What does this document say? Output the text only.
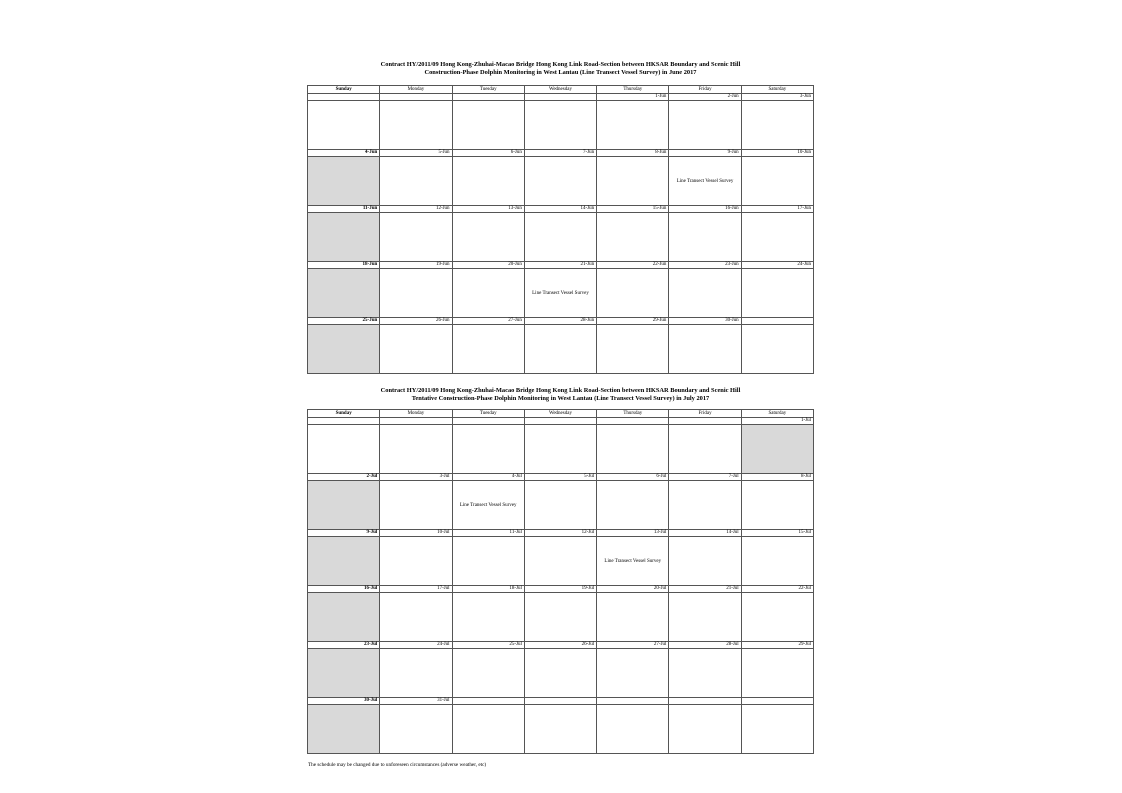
Contract HY/2011/09 Hong Kong-Zhuhai-Macao Bridge Hong Kong Link Road-Section between HKSAR Boundary and Scenic Hill
Construction-Phase Dolphin Monitoring in West Lantau (Line Transect Vessel Survey) in June 2017
Sunday	Monday	Tuesday	Wednesday	Thursday	Friday	Saturday
				1-Jun	2-Jun	3-Jun

4-Jun	5-Jun	6-Jun	7-Jun	8-Jun	9-Jun	10-Jun
					Line Transect Vessel Survey	
11-Jun	12-Jun	13-Jun	14-Jun	15-Jun	16-Jun	17-Jun

18-Jun	19-Jun	20-Jun	21-Jun	22-Jun	23-Jun	24-Jun
			Line Transect Vessel Survey			
25-Jun	26-Jun	27-Jun	28-Jun	29-Jun	30-Jun	

Contract HY/2011/09 Hong Kong-Zhuhai-Macao Bridge Hong Kong Link Road-Section between HKSAR Boundary and Scenic Hill
Tentative Construction-Phase Dolphin Monitoring in West Lantau (Line Transect Vessel Survey) in July 2017
Sunday	Monday	Tuesday	Wednesday	Thursday	Friday	Saturday
						1-Jul

2-Jul	3-Jul	4-Jul	5-Jul	6-Jul	7-Jul	8-Jul
		Line Transect Vessel Survey				
9-Jul	10-Jul	11-Jul	12-Jul	13-Jul	14-Jul	15-Jul
				Line Transect Vessel Survey		
16-Jul	17-Jul	18-Jul	19-Jul	20-Jul	21-Jul	22-Jul

23-Jul	24-Jul	25-Jul	26-Jul	27-Jul	28-Jul	29-Jul

30-Jul	31-Jul					

The schedule may be changed due to unforeseen circumstances (adverse weather, etc)
